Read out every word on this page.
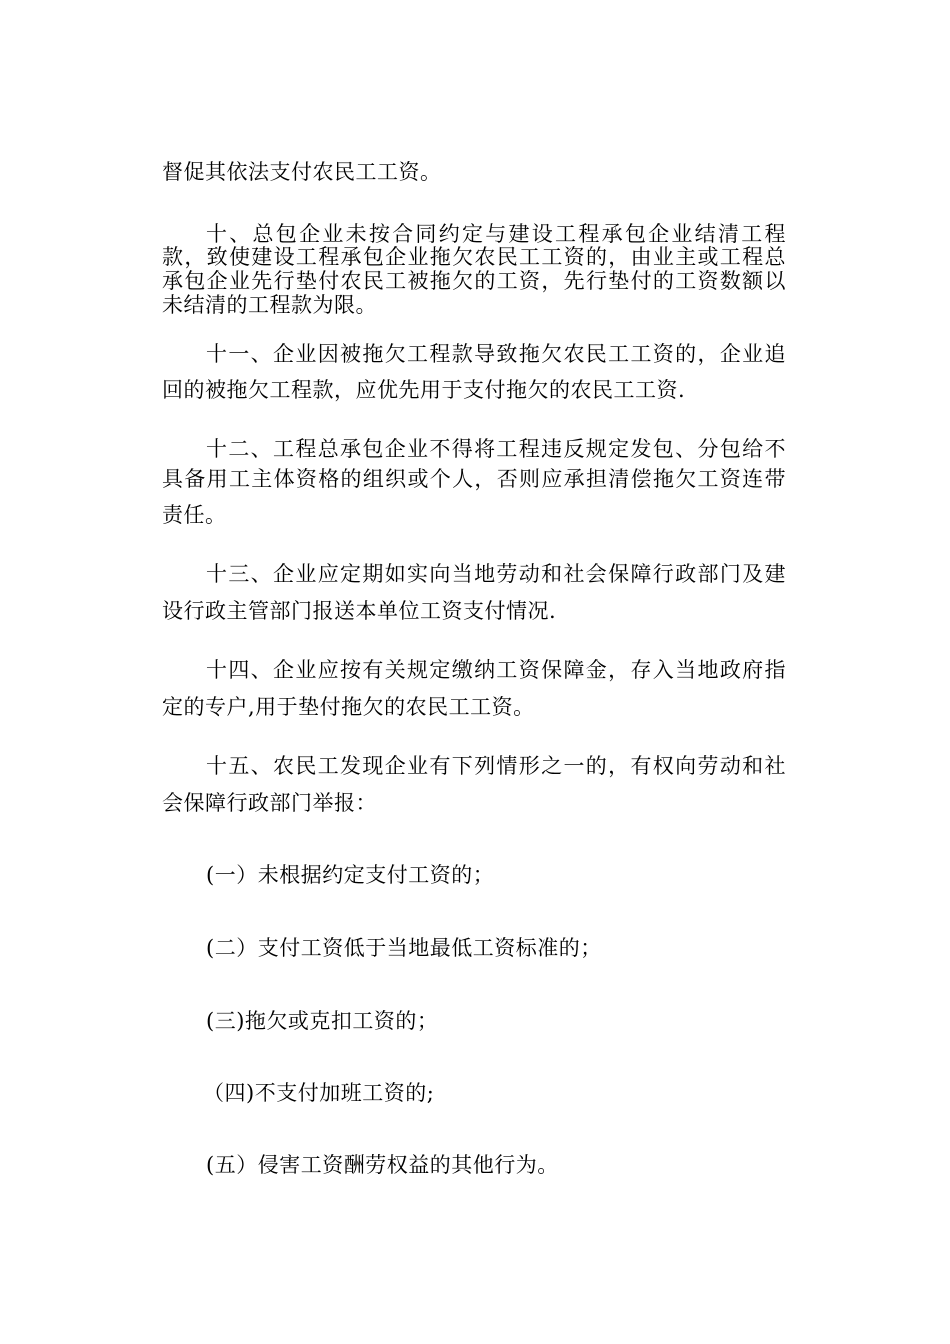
督促其依法支付农民工工资。
十、总包企业未按合同约定与建设工程承包企业结清工程
款，致使建设工程承包企业拖欠农民工工资的，由业主或工程总
承包企业先行垫付农民工被拖欠的工资，先行垫付的工资数额以
未结清的工程款为限。
十一、企业因被拖欠工程款导致拖欠农民工工资的，企业追
回的被拖欠工程款，应优先用于支付拖欠的农民工工资.
十二、工程总承包企业不得将工程违反规定发包、分包给不
具备用工主体资格的组织或个人，否则应承担清偿拖欠工资连带
责任。
十三、企业应定期如实向当地劳动和社会保障行政部门及建
设行政主管部门报送本单位工资支付情况.
十四、企业应按有关规定缴纳工资保障金，存入当地政府指
定的专户,用于垫付拖欠的农民工工资。
十五、农民工发现企业有下列情形之一的，有权向劳动和社
会保障行政部门举报：
(一）未根据约定支付工资的；
(二）支付工资低于当地最低工资标准的；
(三)拖欠或克扣工资的；
（四)不支付加班工资的;
(五）侵害工资酬劳权益的其他行为。
